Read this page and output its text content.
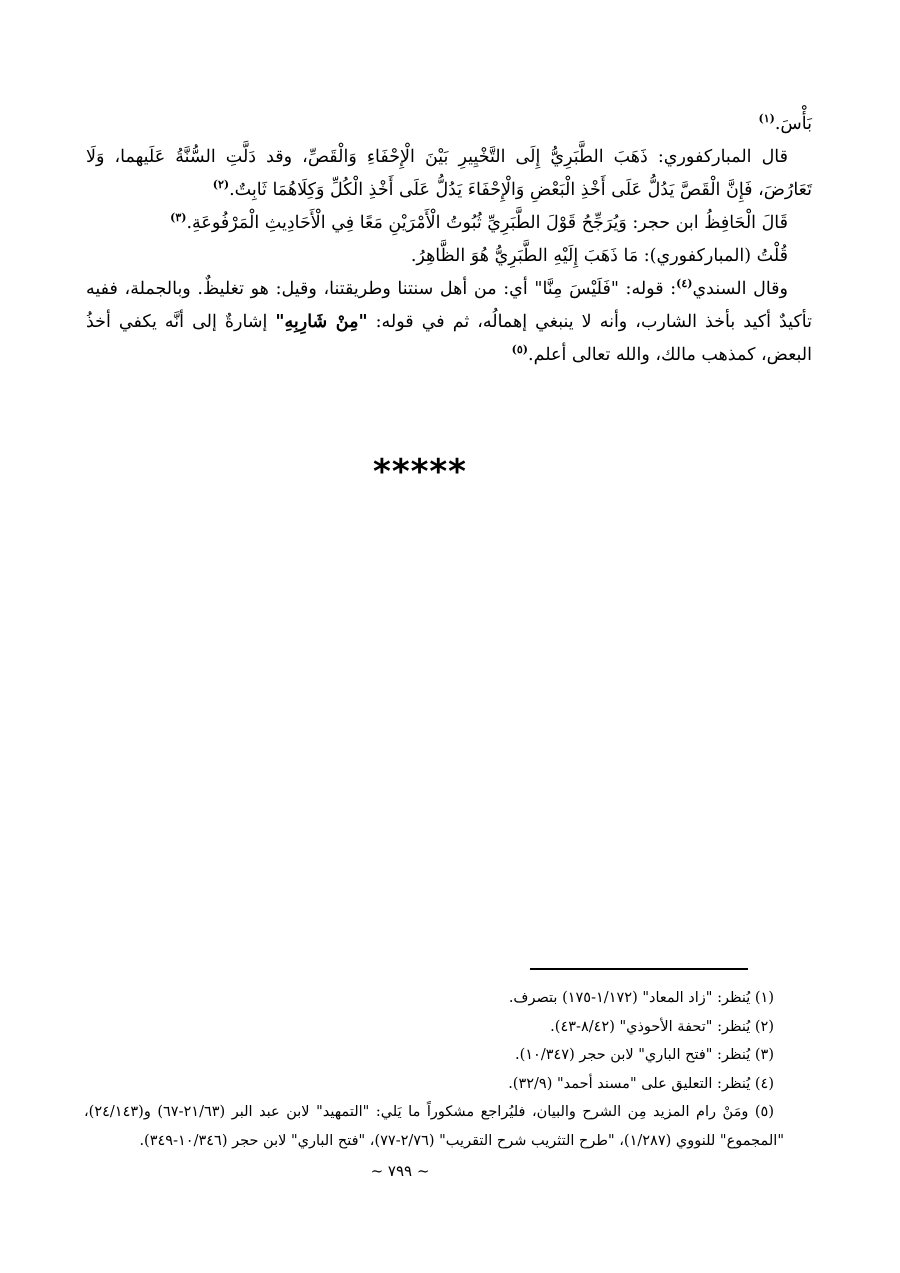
بَأْسَ.$^{(١)}$

قال المباركفوري: ذَهَبَ الطَّبَرِيُّ إِلَى التَّخْيِيرِ بَيْنَ الْإِحْفَاءِ وَالْقَصِّ، وقد دَلَّتِ السُّنَّةُ عَلَيهما، وَلَا تَعَارُضَ، فَإِنَّ الْقَصَّ يَدُلُّ عَلَى أَخْذِ الْبَعْضِ وَالْإِحْفَاءَ يَدُلُّ عَلَى أَخْذِ الْكُلِّ وَكِلَاهُمَا ثَابِتٌ.$^{(٢)}$

قَالَ الْحَافِظُ ابن حجر: وَيُرَجِّحُ قَوْلَ الطَّبَرِيِّ ثُبُوتُ الْأَمْرَيْنِ مَعًا فِي الْأَحَادِيثِ الْمَرْفُوعَةِ.$^{(٣)}$

قُلْتُ (المباركفوري): مَا ذَهَبَ إِلَيْهِ الطَّبَرِيُّ هُوَ الظَّاهِرُ.

وقال السندي$^{(٤)}$: قوله: "فَلَيْسَ مِنَّا" أي: من أهل سنتنا وطريقتنا، وقيل: هو تغليظٌ. وبالجملة، ففيه تأكيدٌ أكيد بأخذ الشارب، وأنه لا ينبغي إهمالُه، ثم في قوله: "مِنْ شَارِبِهِ" إشارةٌ إلى أنَّه يكفي أخذُ البعض، كمذهب مالك، والله تعالى أعلم.$^{(٥)}$

*****

(١) يُنظر: "زاد المعاد" (١/١٧٢-١٧٥) بتصرف.

(٢) يُنظر: "تحفة الأحوذي" (٨/٤٢-٤٣).

(٣) يُنظر: "فتح الباري" لابن حجر (١٠/٣٤٧).

(٤) يُنظر: التعليق على "مسند أحمد" (٣٢/٩).

(٥) ومَنْ رام المزيد مِن الشرح والبيان، فليُراجع مشكوراً ما يَلي: "التمهيد" لابن عبد البر (٢١/٦٣-٦٧) و(٢٤/١٤٣)، "المجموع" للنووي (١/٢٨٧)، "طرح التثريب شرح التقريب" (٢/٧٦-٧٧)، "فتح الباري" لابن حجر (١٠/٣٤٦-٣٤٩).

~ ٧٩٩ ~
